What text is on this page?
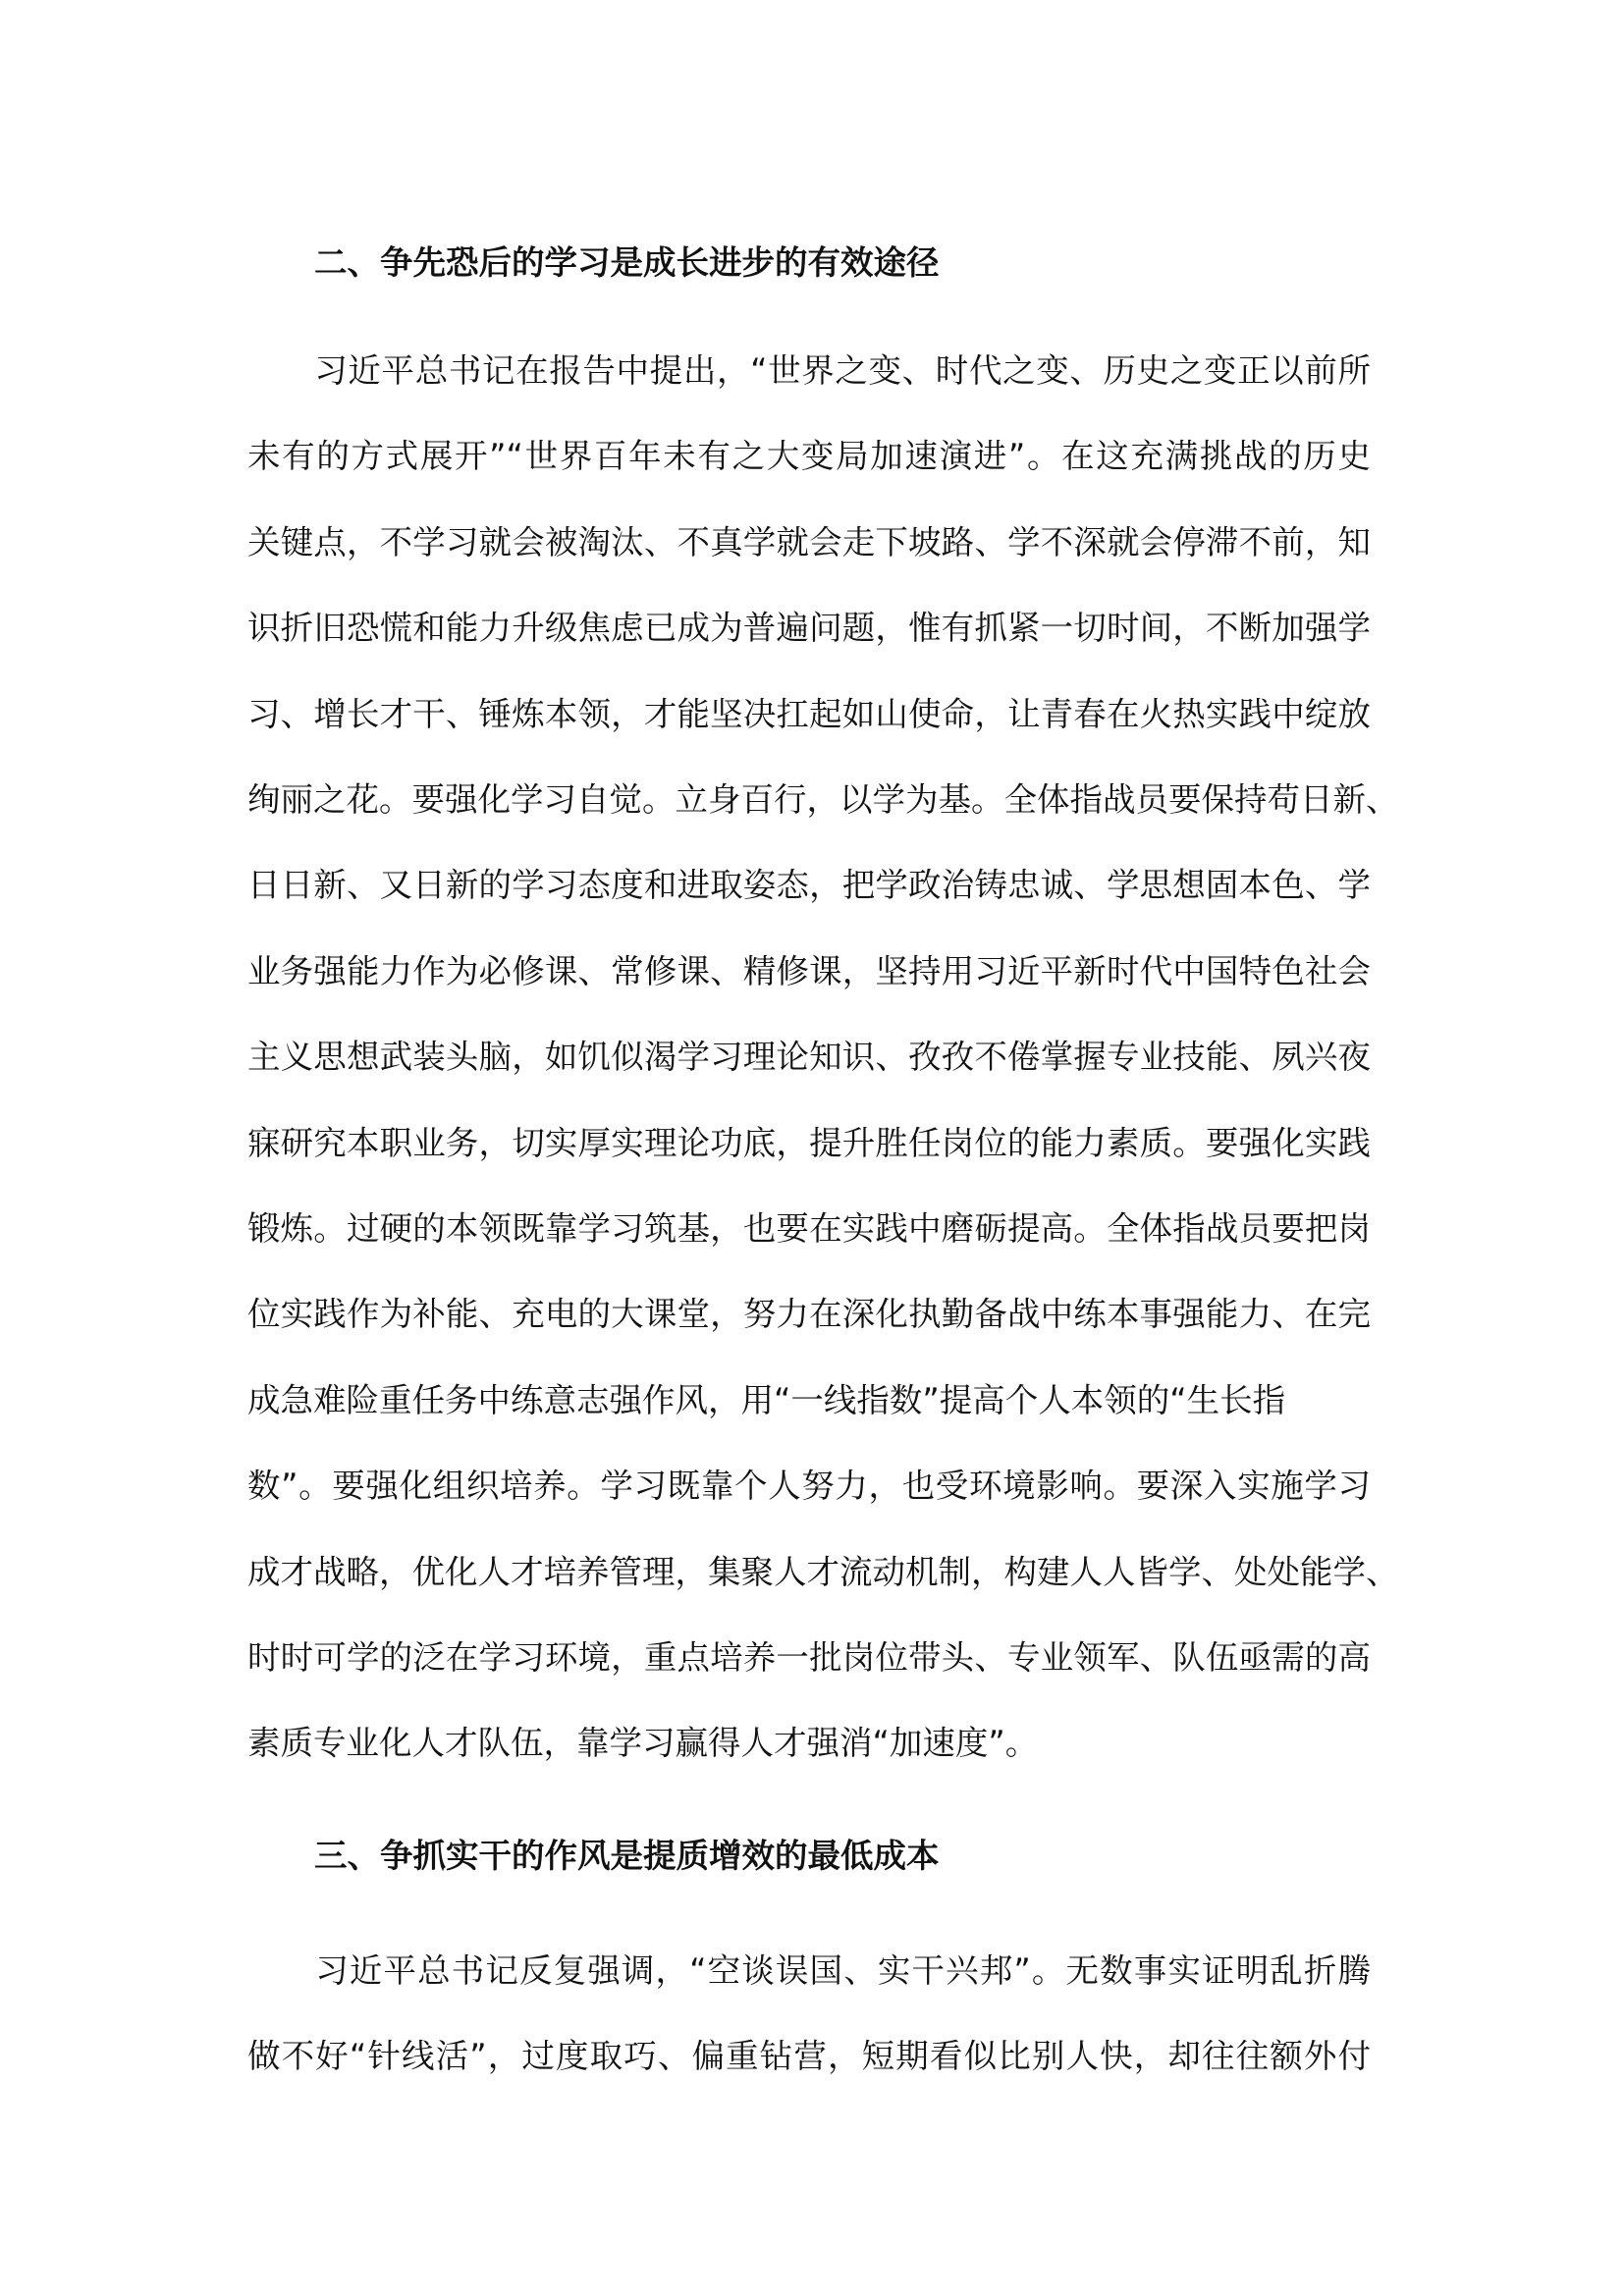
二、争先恐后的学习是成长进步的有效途径
　　习近平总书记在报告中提出，“世界之变、时代之变、历史之变正以前所
未有的方式展开”“世界百年未有之大变局加速演进”。在这充满挑战的历史
关键点，不学习就会被淘汰、不真学就会走下坡路、学不深就会停滞不前，知
识折旧恐慌和能力升级焦虑已成为普遍问题，惟有抓紧一切时间，不断加强学
习、增长才干、锤炼本领，才能坚决扛起如山使命，让青春在火热实践中绽放
绚丽之花。要强化学习自觉。立身百行，以学为基。全体指战员要保持苟日新、
日日新、又日新的学习态度和进取姿态，把学政治铸忠诚、学思想固本色、学
业务强能力作为必修课、常修课、精修课，坚持用习近平新时代中国特色社会
主义思想武装头脑，如饥似渴学习理论知识、孜孜不倦掌握专业技能、夙兴夜
寐研究本职业务，切实厚实理论功底，提升胜任岗位的能力素质。要强化实践
锻炼。过硬的本领既靠学习筑基，也要在实践中磨砺提高。全体指战员要把岗
位实践作为补能、充电的大课堂，努力在深化执勤备战中练本事强能力、在完
成急难险重任务中练意志强作风，用“一线指数”提高个人本领的“生长指
数”。要强化组织培养。学习既靠个人努力，也受环境影响。要深入实施学习
成才战略，优化人才培养管理，集聚人才流动机制，构建人人皆学、处处能学、
时时可学的泛在学习环境，重点培养一批岗位带头、专业领军、队伍亟需的高
素质专业化人才队伍，靠学习赢得人才强消“加速度”。
三、争抓实干的作风是提质增效的最低成本
　　习近平总书记反复强调，“空谈误国、实干兴邦”。无数事实证明乱折腾
做不好“针线活”，过度取巧、偏重钻营，短期看似比别人快，却往往额外付
